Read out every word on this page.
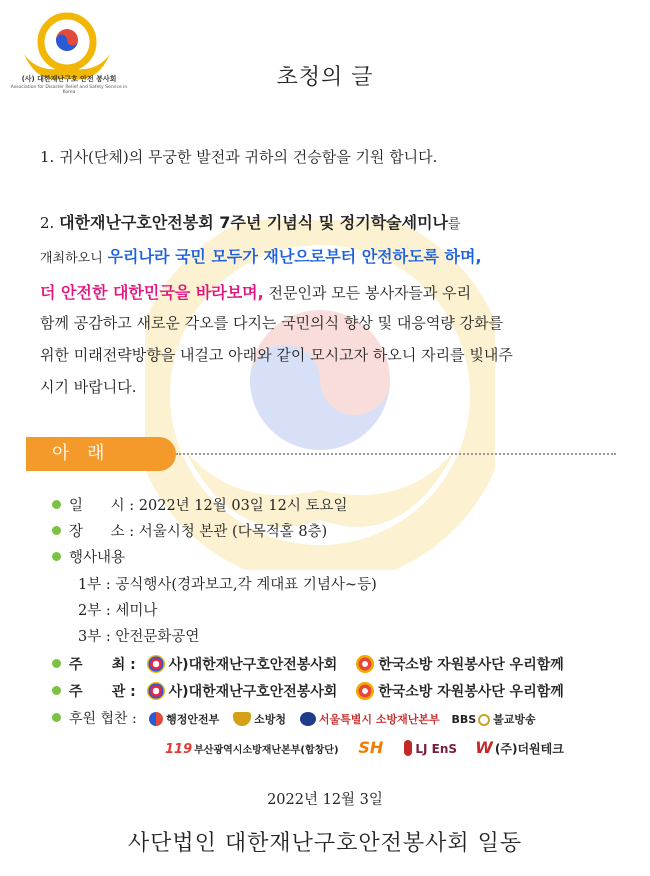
(사) 대한재난구호 안전 봉사회
Association for Disaster Relief and Safety Service in Korea
초청의 글
1. 귀사(단체)의 무궁한 발전과 귀하의 건승함을 기원 합니다.
2. 대한재난구호안전봉회 7주년 기념식 및 정기학술세미나를
개최하오니 우리나라 국민 모두가 재난으로부터 안전하도록 하며,
더 안전한 대한민국을 바라보며, 전문인과 모든 봉사자들과 우리
함께 공감하고 새로운 각오를 다지는 국민의식 향상 및 대응역량 강화를
위한 미래전략방향을 내걸고 아래와 같이 모시고자 하오니 자리를 빛내주
시기 바랍니다.
아 래
일      시 : 2022년 12월 03일 12시 토요일
장      소 : 서울시청 본관 (다목적홀 8층)
행사내용
1부 : 공식행사(경과보고,각 계대표 기념사~등)
2부 : 세미나
3부 : 안전문화공연
주      최 : 사)대한재난구호안전봉사회	한국소방 자원봉사단 우리함께
주      관 : 사)대한재난구호안전봉사회	한국소방 자원봉사단 우리함께
후원 협찬 :	행정안전부	소방청	서울특별시 소방재난본부 BBS 불교방송
119 부산광역시소방재난본부(합창단) SH	LJ EnS W (주)더원테크
2022년 12월 3일
사단법인 대한재난구호안전봉사회 일동
